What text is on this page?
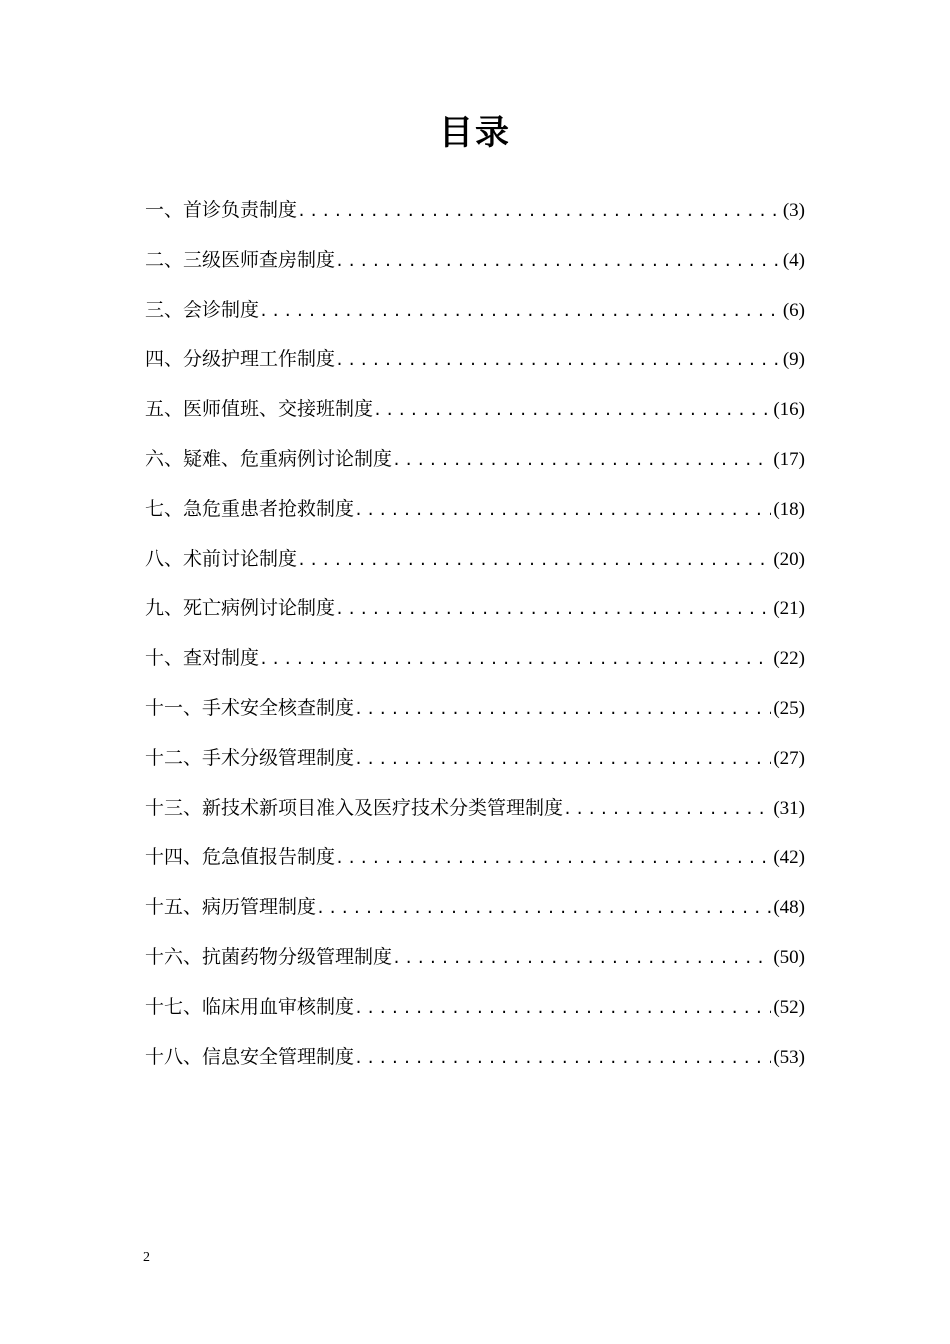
目录
一、首诊负责制度 .....	(3)
二、三级医师查房制度 .....	(4)
三、会诊制度 .....	(6)
四、分级护理工作制度 .....	(9)
五、医师值班、交接班制度 .....	(16)
六、疑难、危重病例讨论制度 .....	(17)
七、急危重患者抢救制度 .....	(18)
八、术前讨论制度 .....	(20)
九、死亡病例讨论制度 .....	(21)
十、查对制度 .....	(22)
十一、手术安全核查制度 .....	(25)
十二、手术分级管理制度 .....	(27)
十三、新技术新项目准入及医疗技术分类管理制度 .....	(31)
十四、危急值报告制度 .....	(42)
十五、病历管理制度 .....	(48)
十六、抗菌药物分级管理制度 .....	(50)
十七、临床用血审核制度 .....	(52)
十八、信息安全管理制度 .....	(53)
2
